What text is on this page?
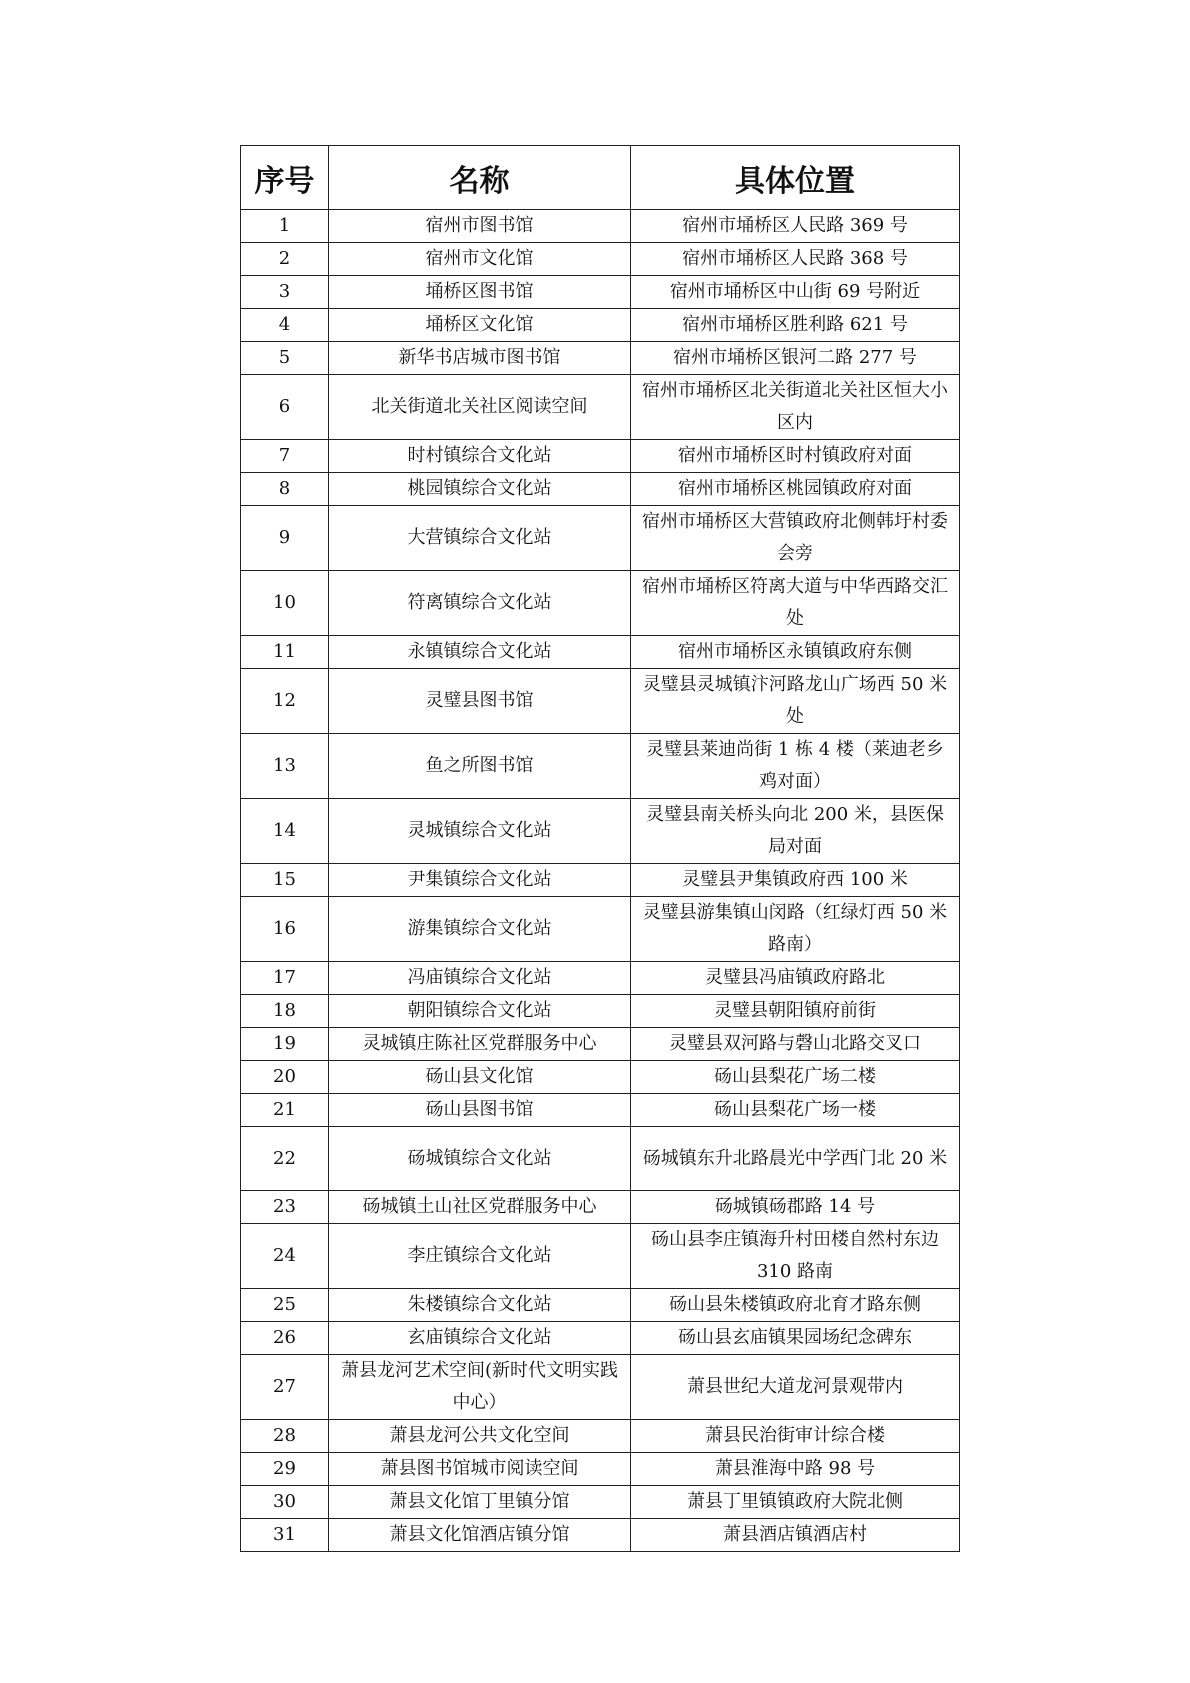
序号	名称	具体位置
1	宿州市图书馆	宿州市埇桥区人民路 369 号
2	宿州市文化馆	宿州市埇桥区人民路 368 号
3	埇桥区图书馆	宿州市埇桥区中山街 69 号附近
4	埇桥区文化馆	宿州市埇桥区胜利路 621 号
5	新华书店城市图书馆	宿州市埇桥区银河二路 277 号
6	北关街道北关社区阅读空间	宿州市埇桥区北关街道北关社区恒大小区内
7	时村镇综合文化站	宿州市埇桥区时村镇政府对面
8	桃园镇综合文化站	宿州市埇桥区桃园镇政府对面
9	大营镇综合文化站	宿州市埇桥区大营镇政府北侧韩圩村委会旁
10	符离镇综合文化站	宿州市埇桥区符离大道与中华西路交汇处
11	永镇镇综合文化站	宿州市埇桥区永镇镇政府东侧
12	灵璧县图书馆	灵璧县灵城镇汴河路龙山广场西 50 米处
13	鱼之所图书馆	灵璧县莱迪尚街 1 栋 4 楼（莱迪老乡鸡对面）
14	灵城镇综合文化站	灵璧县南关桥头向北 200 米，县医保局对面
15	尹集镇综合文化站	灵璧县尹集镇政府西 100 米
16	游集镇综合文化站	灵璧县游集镇山闵路（红绿灯西 50 米路南）
17	冯庙镇综合文化站	灵璧县冯庙镇政府路北
18	朝阳镇综合文化站	灵璧县朝阳镇府前街
19	灵城镇庄陈社区党群服务中心	灵璧县双河路与磬山北路交叉口
20	砀山县文化馆	砀山县梨花广场二楼
21	砀山县图书馆	砀山县梨花广场一楼
22	砀城镇综合文化站	砀城镇东升北路晨光中学西门北 20 米
23	砀城镇土山社区党群服务中心	砀城镇砀郡路 14 号
24	李庄镇综合文化站	砀山县李庄镇海升村田楼自然村东边 310 路南
25	朱楼镇综合文化站	砀山县朱楼镇政府北育才路东侧
26	玄庙镇综合文化站	砀山县玄庙镇果园场纪念碑东
27	萧县龙河艺术空间(新时代文明实践中心）	萧县世纪大道龙河景观带内
28	萧县龙河公共文化空间	萧县民治街审计综合楼
29	萧县图书馆城市阅读空间	萧县淮海中路 98 号
30	萧县文化馆丁里镇分馆	萧县丁里镇镇政府大院北侧
31	萧县文化馆酒店镇分馆	萧县酒店镇酒店村
